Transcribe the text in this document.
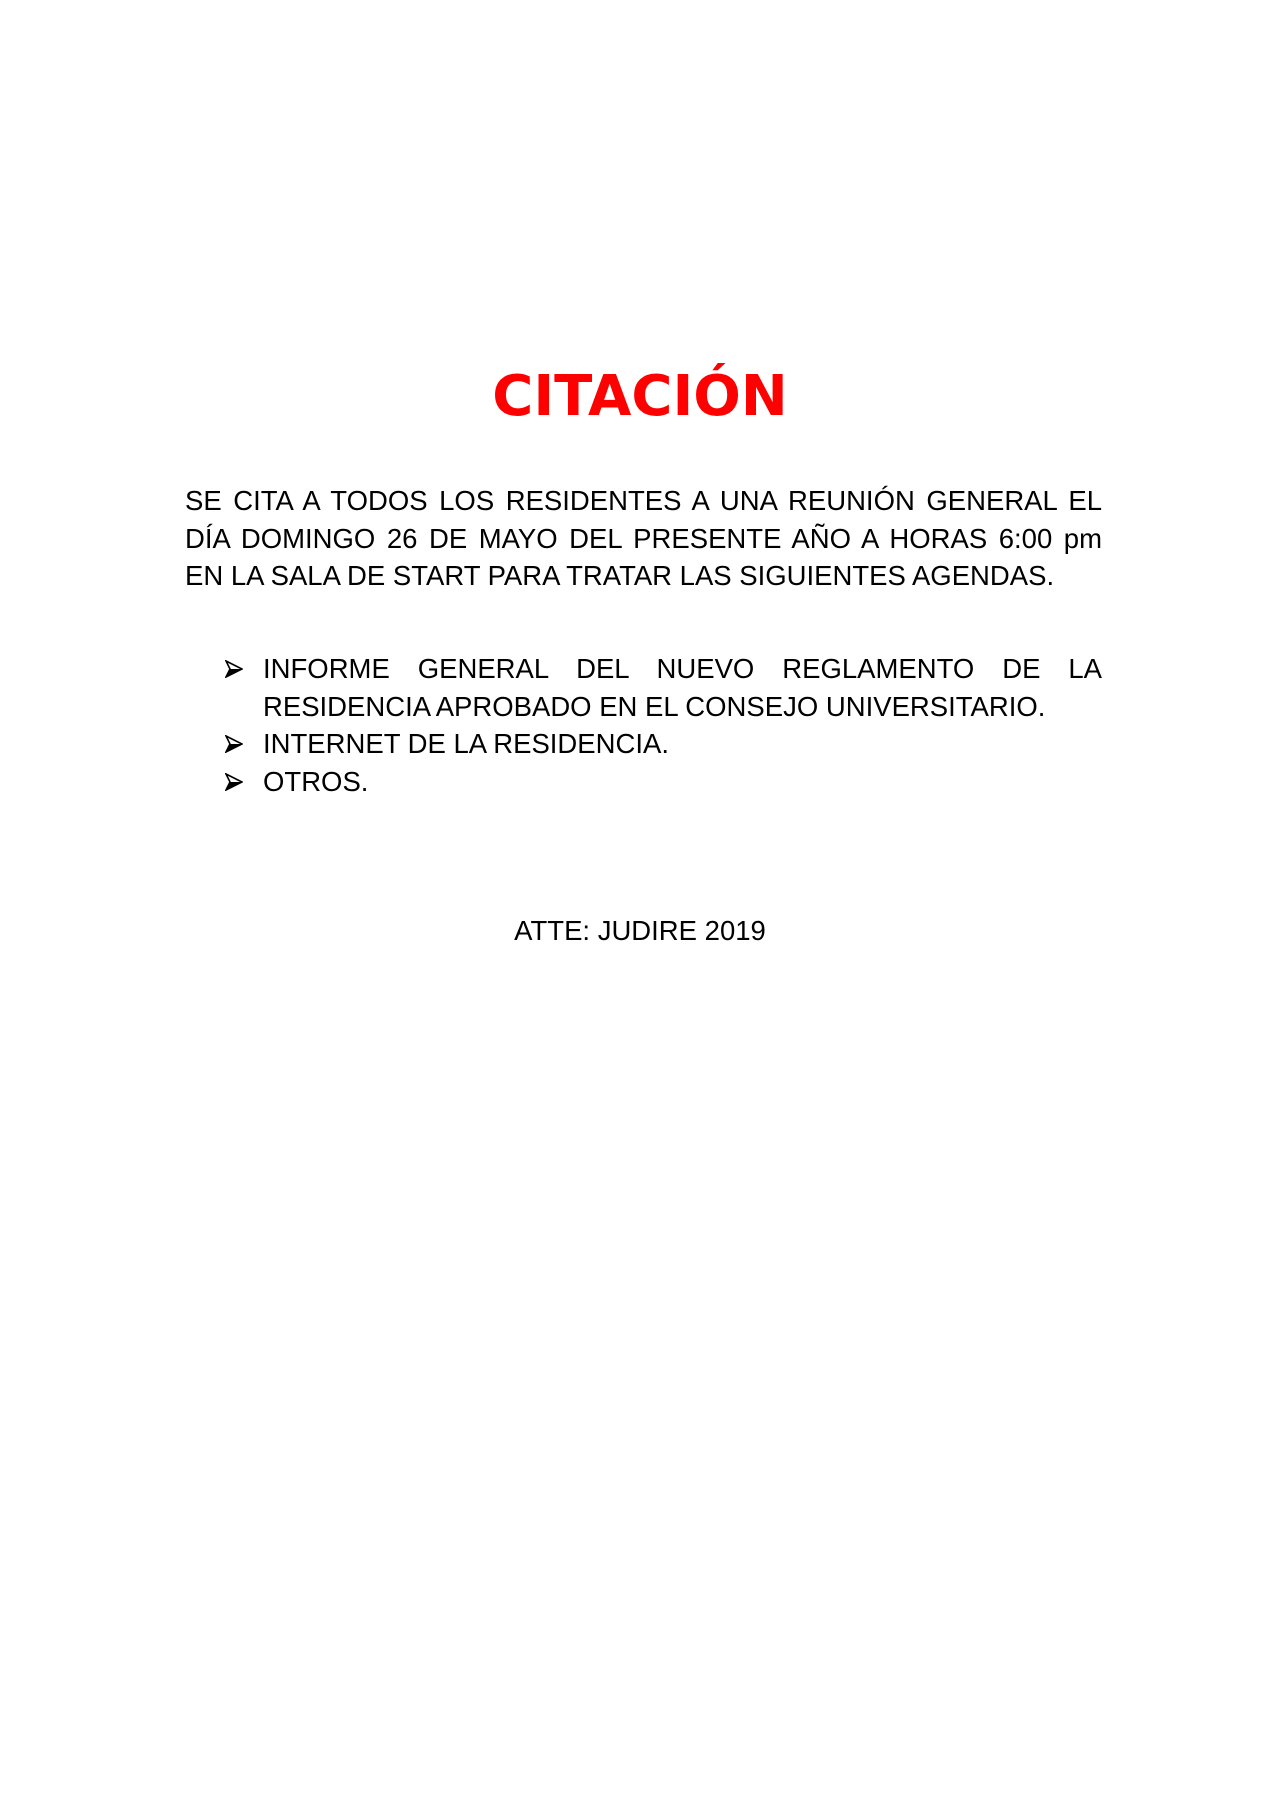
CITACIÓN

SE CITA A TODOS LOS RESIDENTES A UNA REUNIÓN GENERAL EL DÍA DOMINGO 26 DE MAYO DEL PRESENTE AÑO A HORAS 6:00 pm EN LA SALA DE START PARA TRATAR LAS SIGUIENTES AGENDAS.

INFORME GENERAL DEL NUEVO REGLAMENTO DE LA RESIDENCIA APROBADO EN EL CONSEJO UNIVERSITARIO.
INTERNET DE LA RESIDENCIA.
OTROS.

ATTE: JUDIRE 2019
